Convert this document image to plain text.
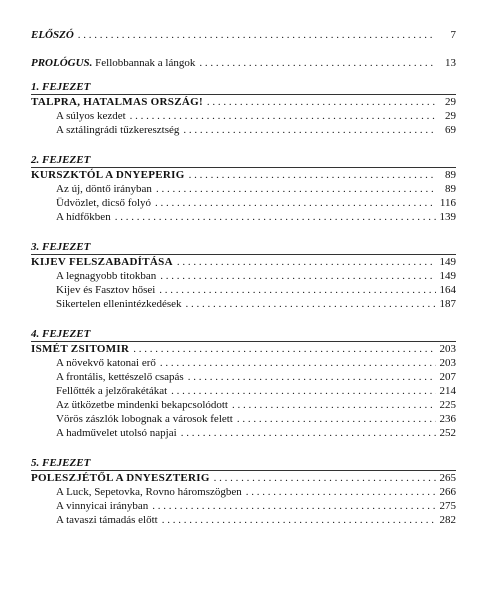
ELŐSZÓ . . .	7
PROLÓGUS. Fellobbannak a lángok . . .	13
1. FEJEZET
TALPRA, HATALMAS ORSZÁG! . . .	29
A súlyos kezdet . . .	29
A sztálingrádi tűzkeresztség . . .	69
2. FEJEZET
KURSZKTÓL A DNYEPERIG . . .	89
Az új, döntő irányban . . .	89
Üdvözlet, dicső folyó . . .	116
A hídfőkben . . .	139
3. FEJEZET
KIJEV FELSZABADÍTÁSA . . .	149
A legnagyobb titokban . . .	149
Kijev és Fasztov hősei . . .	164
Sikertelen ellenintézkedések . . .	187
4. FEJEZET
ISMÉT ZSITOMIR . . .	203
A növekvő katonai erő . . .	203
A frontális, kettészelő csapás . . .	207
Fellőtték a jelzőrakétákat . . .	214
Az ütközetbe mindenki bekapcsolódott . . .	225
Vörös zászlók lobognak a városok felett . . .	236
A hadművelet utolsó napjai . . .	252
5. FEJEZET
POLESZJÉTŐL A DNYESZTERIG . . .	265
A Luck, Sepetovka, Rovno háromszögben . . .	266
A vinnyicai irányban . . .	275
A tavaszi támadás előtt . . .	282
